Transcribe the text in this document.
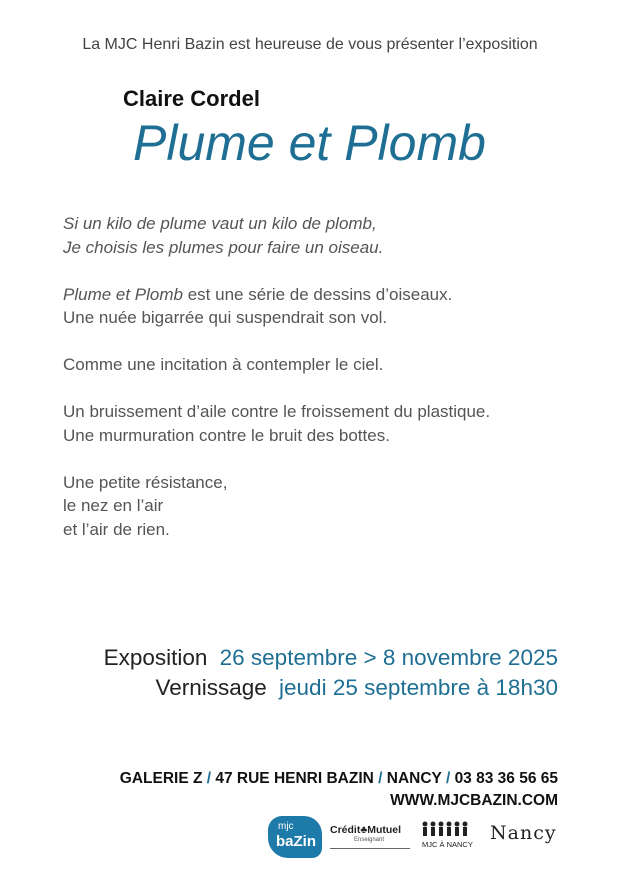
La MJC Henri Bazin est heureuse de vous présenter l’exposition
Claire Cordel
Plume et Plomb

Si un kilo de plume vaut un kilo de plomb,
Je choisis les plumes pour faire un oiseau.

Plume et Plomb est une série de dessins d’oiseaux.
Une nuée bigarrée qui suspendrait son vol.

Comme une incitation à contempler le ciel.

Un bruissement d’aile contre le froissement du plastique.
Une murmuration contre le bruit des bottes.

Une petite résistance,
le nez en l’air
et l’air de rien.

Exposition 26 septembre > 8 novembre 2025
Vernissage jeudi 25 septembre à 18h30
GALERIE Z / 47 RUE HENRI BAZIN / NANCY / 03 83 36 56 65
WWW.MJCBAZIN.COM
mjc
baZin
Crédit♣Mutuel
Enseignant	MJC À NANCY
Nancy
